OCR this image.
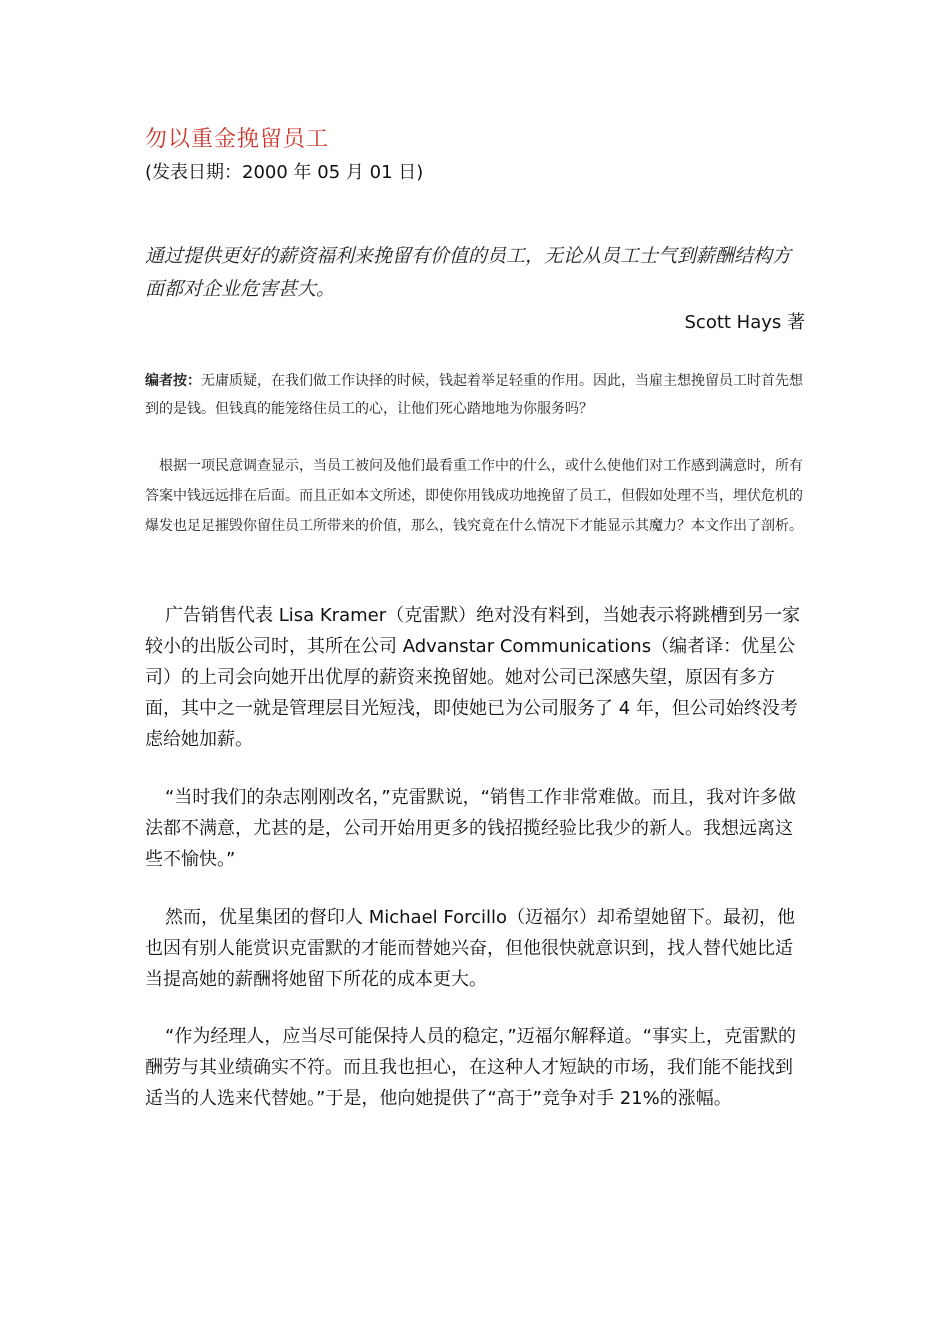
勿以重金挽留员工
(发表日期：2000 年 05 月 01 日)
通过提供更好的薪资福利来挽留有价值的员工，无论从员工士气到薪酬结构方面都对企业危害甚大。
Scott Hays 著
编者按：无庸质疑，在我们做工作诀择的时候，钱起着举足轻重的作用。因此，当雇主想挽留员工时首先想到的是钱。但钱真的能笼络住员工的心，让他们死心踏地地为你服务吗？
根据一项民意调查显示，当员工被问及他们最看重工作中的什么，或什么使他们对工作感到满意时，所有答案中钱远远排在后面。而且正如本文所述，即使你用钱成功地挽留了员工，但假如处理不当，埋伏危机的爆发也足足摧毁你留住员工所带来的价值，那么，钱究竟在什么情况下才能显示其魔力？本文作出了剖析。
广告销售代表 Lisa Kramer（克雷默）绝对没有料到，当她表示将跳槽到另一家较小的出版公司时，其所在公司 Advanstar Communications（编者译：优星公司）的上司会向她开出优厚的薪资来挽留她。她对公司已深感失望，原因有多方面，其中之一就是管理层目光短浅，即使她已为公司服务了 4 年，但公司始终没考虑给她加薪。
“当时我们的杂志刚刚改名，”克雷默说，“销售工作非常难做。而且，我对许多做法都不满意，尤甚的是，公司开始用更多的钱招揽经验比我少的新人。我想远离这些不愉快。”
然而，优星集团的督印人 Michael Forcillo（迈福尔）却希望她留下。最初，他也因有别人能赏识克雷默的才能而替她兴奋，但他很快就意识到，找人替代她比适当提高她的薪酬将她留下所花的成本更大。
“作为经理人，应当尽可能保持人员的稳定，”迈福尔解释道。“事实上，克雷默的酬劳与其业绩确实不符。而且我也担心，在这种人才短缺的市场，我们能不能找到适当的人选来代替她。”于是，他向她提供了“高于”竞争对手 21%的涨幅。
